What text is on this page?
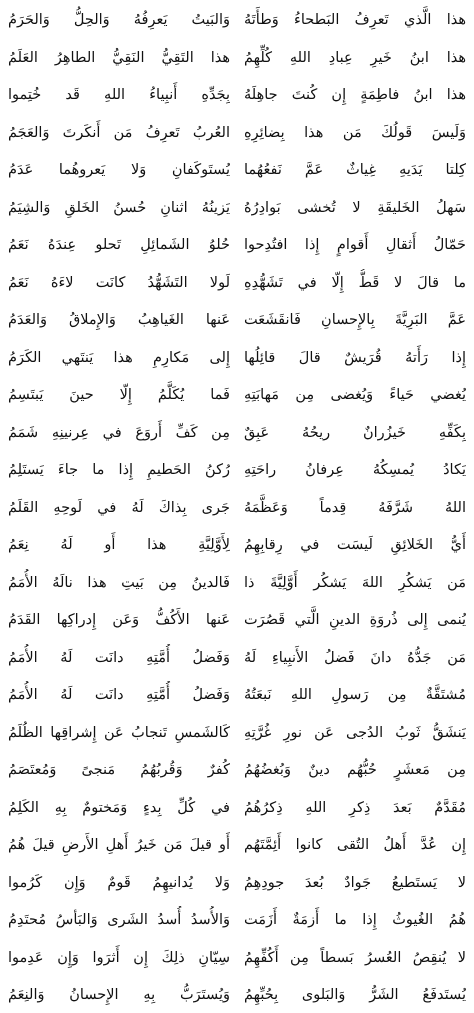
هذا الَّذي تَعرِفُ البَطحاءُ وَطأَتَهُ
وَالبَيتُ يَعرِفُهُ وَالحِلُّ وَالحَرَمُ
هذا ابنُ خَيرِ عِبادِ اللهِ كُلِّهِمُ
هذا التَقِيُّ النَقِيُّ الطاهِرُ العَلَمُ
هذا ابنُ فاطِمَةٍ إِن كُنتَ جاهِلَهُ
بِجَدِّهِ أَنبِياءُ اللهِ قَد خُتِموا
وَلَيسَ قَولُكَ مَن هذا بِضائِرِهِ
العُربُ تَعرِفُ مَن أَنكَرتَ وَالعَجَمُ
كِلتا يَدَيهِ غِياثٌ عَمَّ نَفعُهُما
يُستَوكَفانِ وَلا يَعروهُما عَدَمُ
سَهلُ الخَليقَةِ لا تُخشى بَوادِرُهُ
يَزينُهُ اثنانِ حُسنُ الخَلقِ وَالشِيَمُ
حَمّالُ أَثقالِ أَقوامٍ إِذا افتُدِحوا
حُلوُ الشَمائِلِ تَحلو عِندَهُ نَعَمُ
ما قالَ لا قَطُّ إِلّا في تَشَهُّدِهِ
لَولا التَشَهُّدُ كانَت لاءَهُ نَعَمُ
عَمَّ البَرِيَّةَ بِالإِحسانِ فَانقَشَعَت
عَنها الغَياهِبُ وَالإِملاقُ وَالعَدَمُ
إِذا رَأَتهُ قُرَيشٌ قالَ قائِلُها
إِلى مَكارِمِ هذا يَنتَهي الكَرَمُ
يُغضي حَياءً وَيُغضى مِن مَهابَتِهِ
فَما يُكَلَّمُ إِلّا حينَ يَبتَسِمُ
بِكَفِّهِ خَيزُرانٌ ريحُهُ عَبِقٌ
مِن كَفِّ أَروَعَ في عِرنينِهِ شَمَمُ
يَكادُ يُمسِكُهُ عِرفانُ راحَتِهِ
رُكنُ الحَطيمِ إِذا ما جاءَ يَستَلِمُ
اللهُ شَرَّفَهُ قِدماً وَعَظَّمَهُ
جَرى بِذاكَ لَهُ في لَوحِهِ القَلَمُ
أَيُّ الخَلائِقِ لَيسَت في رِقابِهِمُ
لِأَوَّلِيَّةِ هذا أَو لَهُ نِعَمُ
مَن يَشكُرِ اللهَ يَشكُر أَوَّلِيَّةَ ذا
فَالدينُ مِن بَيتِ هذا نالَهُ الأُمَمُ
يُنمى إِلى ذُروَةِ الدينِ الَّتي قَصُرَت
عَنها الأَكُفُّ وَعَن إِدراكِها القَدَمُ
مَن جَدُّهُ دانَ فَضلُ الأَنبِياءِ لَهُ
وَفَضلُ أُمَّتِهِ دانَت لَهُ الأُمَمُ
مُشتَقَّةٌ مِن رَسولِ اللهِ نَبعَتُهُ
وَفَضلُ أُمَّتِهِ دانَت لَهُ الأُمَمُ
يَنشَقُّ ثَوبُ الدُجى عَن نورِ غُرَّتِهِ
كَالشَمسِ تَنجابُ عَن إِشراقِها الظُلَمُ
مِن مَعشَرٍ حُبُّهُم دينٌ وَبُغضُهُمُ
كُفرٌ وَقُربُهُمُ مَنجىً وَمُعتَصَمُ
مُقَدَّمٌ بَعدَ ذِكرِ اللهِ ذِكرُهُمُ
في كُلِّ بِدءٍ وَمَختومٌ بِهِ الكَلِمُ
إِن عُدَّ أَهلُ التُقى كانوا أَئِمَّتَهُم
أَو قيلَ مَن خَيرُ أَهلِ الأَرضِ قيلَ هُمُ
لا يَستَطيعُ جَوادٌ بُعدَ جودِهِمُ
وَلا يُدانيهِمُ قَومٌ وَإِن كَرُموا
هُمُ الغُيوثُ إِذا ما أَزمَةٌ أَزَمَت
وَالأُسدُ أُسدُ الشَرى وَالبَأسُ مُحتَدِمُ
لا يُنقِصُ العُسرُ بَسطاً مِن أَكُفِّهِمُ
سِيّانِ ذلِكَ إِن أَثرَوا وَإِن عَدِموا
يُستَدفَعُ الشَرُّ وَالبَلوى بِحُبِّهِمُ
وَيُستَرَبُّ بِهِ الإِحسانُ وَالنِعَمُ
